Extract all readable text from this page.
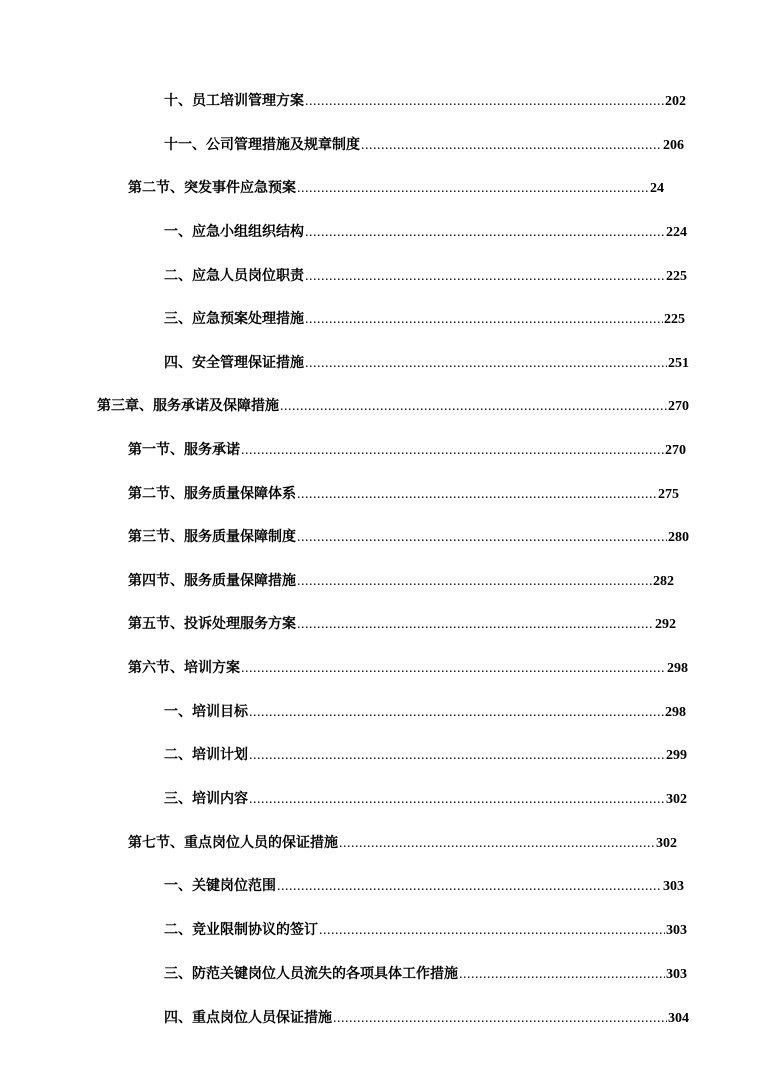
十、员工培训管理方案 .....	202
十一、公司管理措施及规章制度 .....	206
第二节、突发事件应急预案 .....	24
一、应急小组组织结构 .....	224
二、应急人员岗位职责 .....	225
三、应急预案处理措施 .....	225
四、安全管理保证措施 .....	251
第三章、服务承诺及保障措施 .....	270
第一节、服务承诺 .....	270
第二节、服务质量保障体系 .....	275
第三节、服务质量保障制度 .....	280
第四节、服务质量保障措施 .....	282
第五节、投诉处理服务方案 .....	292
第六节、培训方案 .....	298
一、培训目标 .....	298
二、培训计划 .....	299
三、培训内容 .....	302
第七节、重点岗位人员的保证措施 .....	302
一、关键岗位范围 .....	303
二、竞业限制协议的签订 .....	303
三、防范关键岗位人员流失的各项具体工作措施 .....	303
四、重点岗位人员保证措施 .....	304
